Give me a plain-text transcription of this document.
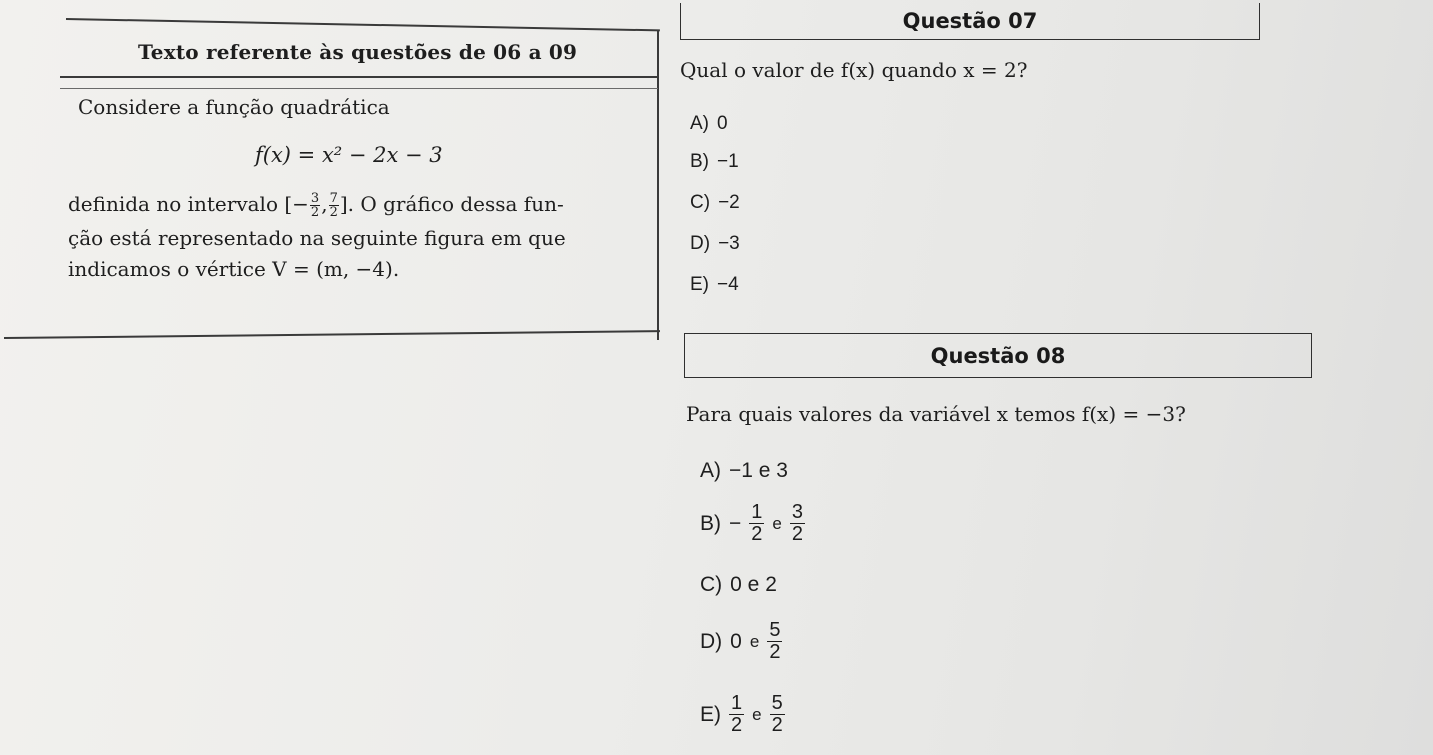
Texto referente às questões de 06 a 09
Considere a função quadrática
f(x) = x² − 2x − 3
definida no intervalo [− $\frac{3}{2}$ , $\frac{7}{2}$ ]. O gráfico dessa fun-
ção está representado na seguinte figura em que
indicamos o vértice V = (m, −4).
Questão 07
Qual o valor de f(x) quando x = 2?
A) 0
B) −1
C) −2
D) −3
E) −4
Questão 08
Para quais valores da variável x temos f(x) = −3?
A) −1 e 3
$B) - \frac{1}{2}$ e $\frac{3}{2}$
C) 0 e 2
D) 0 e $\frac{5}{2}$
$E) \frac{1}{2}$ e $\frac{5}{2}$
